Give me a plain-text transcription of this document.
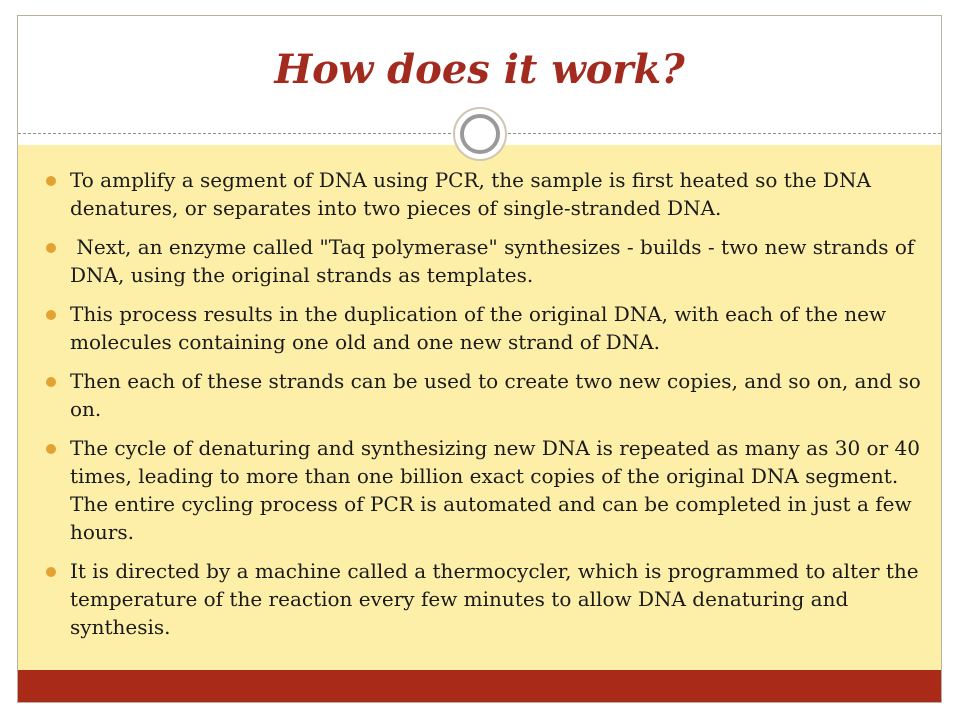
How does it work?
To amplify a segment of DNA using PCR, the sample is first heated so the DNA denatures, or separates into two pieces of single-stranded DNA.
Next, an enzyme called "Taq polymerase" synthesizes - builds - two new strands of DNA, using the original strands as templates.
This process results in the duplication of the original DNA, with each of the new molecules containing one old and one new strand of DNA.
Then each of these strands can be used to create two new copies, and so on, and so on.
The cycle of denaturing and synthesizing new DNA is repeated as many as 30 or 40 times, leading to more than one billion exact copies of the original DNA segment. The entire cycling process of PCR is automated and can be completed in just a few hours.
It is directed by a machine called a thermocycler, which is programmed to alter the temperature of the reaction every few minutes to allow DNA denaturing and synthesis.
